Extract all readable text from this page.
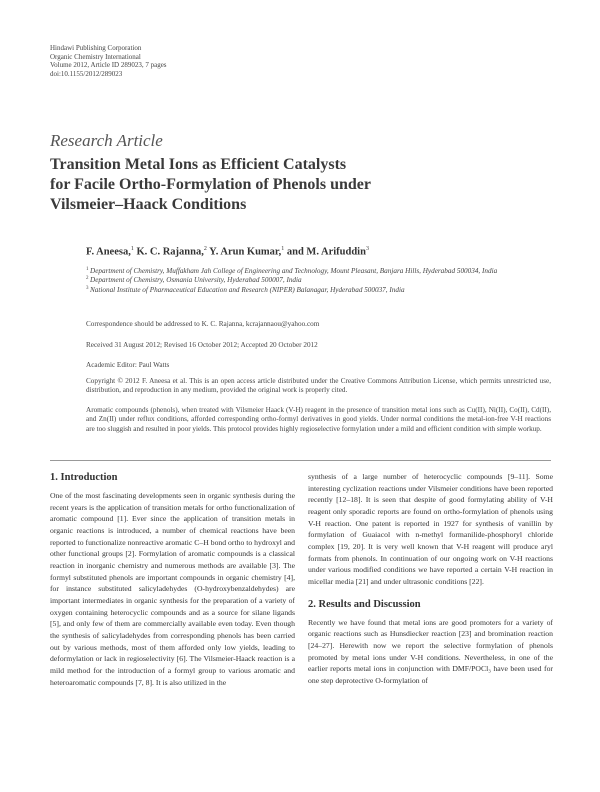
Hindawi Publishing Corporation
Organic Chemistry International
Volume 2012, Article ID 289023, 7 pages
doi:10.1155/2012/289023
Research Article
Transition Metal Ions as Efficient Catalysts
for Facile Ortho-Formylation of Phenols under
Vilsmeier–Haack Conditions
F. Aneesa,$^1$ K. C. Rajanna,$^2$ Y. Arun Kumar,$^1$ and M. Arifuddin$^3$
1 Department of Chemistry, Muffakham Jah College of Engineering and Technology, Mount Pleasant, Banjara Hills, Hyderabad 500034, India
2 Department of Chemistry, Osmania University, Hyderabad 500007, India
3 National Institute of Pharmaceutical Education and Research (NIPER) Balanagar, Hyderabad 500037, India
Correspondence should be addressed to K. C. Rajanna, kcrajannaou@yahoo.com
Received 31 August 2012; Revised 16 October 2012; Accepted 20 October 2012
Academic Editor: Paul Watts
Copyright © 2012 F. Aneesa et al. This is an open access article distributed under the Creative Commons Attribution License, which permits unrestricted use, distribution, and reproduction in any medium, provided the original work is properly cited.
Aromatic compounds (phenols), when treated with Vilsmeier Haack (V-H) reagent in the presence of transition metal ions such as Cu(II), Ni(II), Co(II), Cd(II), and Zn(II) under reflux conditions, afforded corresponding ortho-formyl derivatives in good yields. Under normal conditions the metal-ion-free V-H reactions are too sluggish and resulted in poor yields. This protocol provides highly regioselective formylation under a mild and efficient condition with simple workup.
1. Introduction

One of the most fascinating developments seen in organic synthesis during the recent years is the application of transition metals for ortho functionalization of aromatic compound [1]. Ever since the application of transition metals in organic reactions is introduced, a number of chemical reactions have been reported to functionalize nonreactive aromatic C–H bond ortho to hydroxyl and other functional groups [2]. Formylation of aromatic compounds is a classical reaction in inorganic chemistry and numerous methods are available [3]. The formyl substituted phenols are important compounds in organic chemistry [4], for instance substituted salicyladehydes (O-hydroxybenzaldehydes) are important intermediates in organic synthesis for the preparation of a variety of oxygen containing heterocyclic compounds and as a source for silane ligands [5], and only few of them are commercially available even today. Even though the synthesis of salicyladehydes from corresponding phenols has been carried out by various methods, most of them afforded only low yields, leading to deformylation or lack in regioselectivity [6]. The Vilsmeier-Haack reaction is a mild method for the introduction of a formyl group to various aromatic and heteroaromatic compounds [7, 8]. It is also utilized in the

synthesis of a large number of heterocyclic compounds [9–11]. Some interesting cyclization reactions under Vilsmeier conditions have been reported recently [12–18]. It is seen that despite of good formylating ability of V-H reagent only sporadic reports are found on ortho-formylation of phenols using V-H reaction. One patent is reported in 1927 for synthesis of vanillin by formylation of Guaiacol with n-methyl formanilide-phosphoryl chloride complex [19, 20]. It is very well known that V-H reagent will produce aryl formats from phenols. In continuation of our ongoing work on V-H reactions under various modified conditions we have reported a certain V-H reaction in micellar media [21] and under ultrasonic conditions [22].

2. Results and Discussion

Recently we have found that metal ions are good promoters for a variety of organic reactions such as Hunsdiecker reaction [23] and bromination reaction [24–27]. Herewith now we report the selective formylation of phenols promoted by metal ions under V-H conditions. Nevertheless, in one of the earlier reports metal ions in conjunction with DMF/POCl₃ have been used for one step deprotective O-formylation of
